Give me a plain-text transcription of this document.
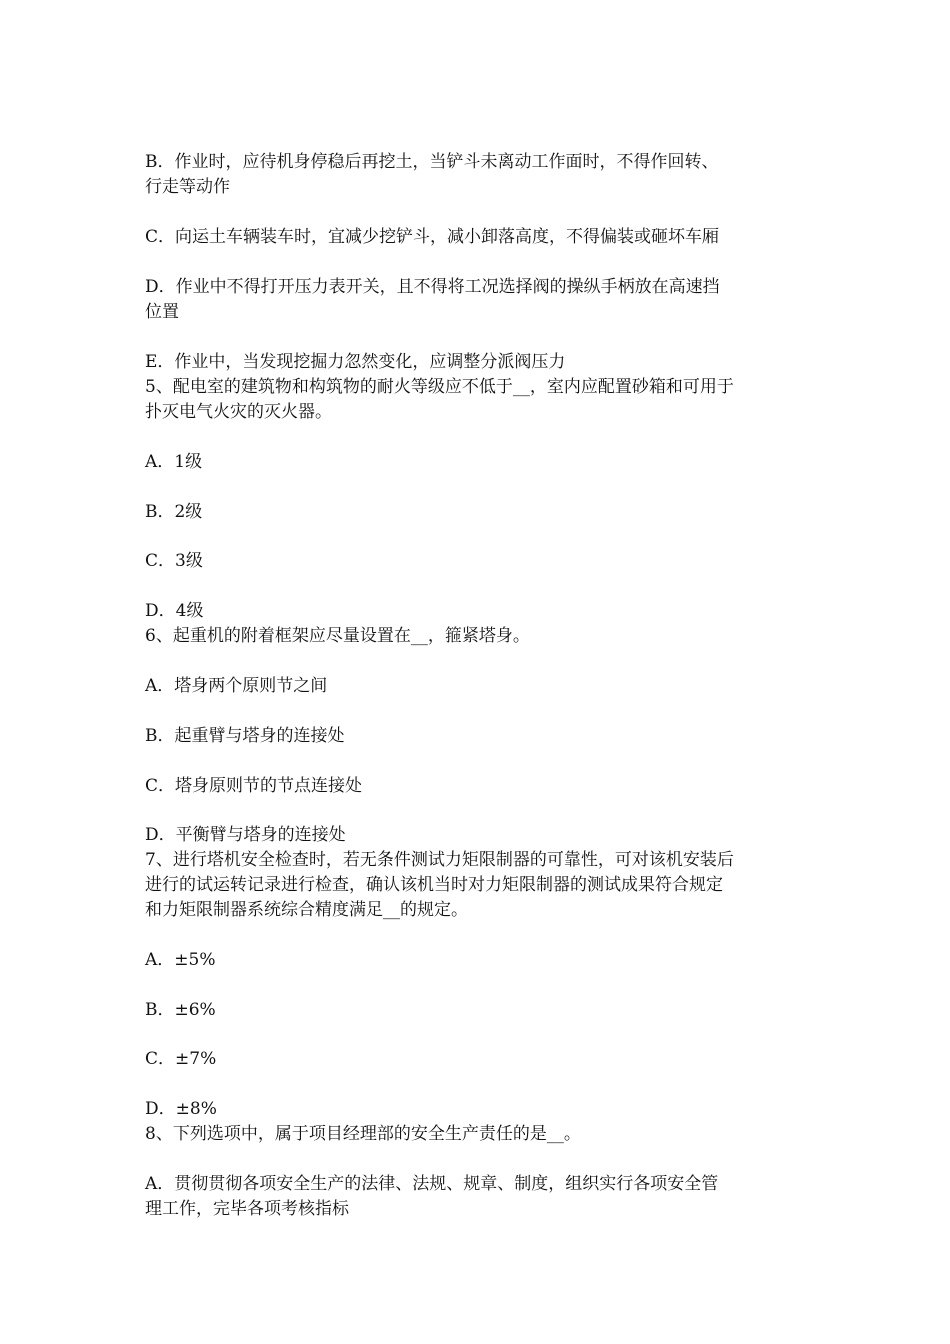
B．作业时，应待机身停稳后再挖土，当铲斗未离动工作面时，不得作回转、

行走等动作

C．向运土车辆装车时，宜减少挖铲斗，减小卸落高度，不得偏装或砸坏车厢

D．作业中不得打开压力表开关，且不得将工况选择阀的操纵手柄放在高速挡

位置

E．作业中，当发现挖掘力忽然变化，应调整分派阀压力

5、配电室的建筑物和构筑物的耐火等级应不低于__，室内应配置砂箱和可用于

扑灭电气火灾的灭火器。

A．1级

B．2级

C．3级

D．4级

6、起重机的附着框架应尽量设置在__，箍紧塔身。

A．塔身两个原则节之间

B．起重臂与塔身的连接处

C．塔身原则节的节点连接处

D．平衡臂与塔身的连接处

7、进行塔机安全检查时，若无条件测试力矩限制器的可靠性，可对该机安装后

进行的试运转记录进行检查，确认该机当时对力矩限制器的测试成果符合规定

和力矩限制器系统综合精度满足__的规定。

A．±5%

B．±6%

C．±7%

D．±8%

8、下列选项中，属于项目经理部的安全生产责任的是__。

A．贯彻贯彻各项安全生产的法律、法规、规章、制度，组织实行各项安全管

理工作，完毕各项考核指标
